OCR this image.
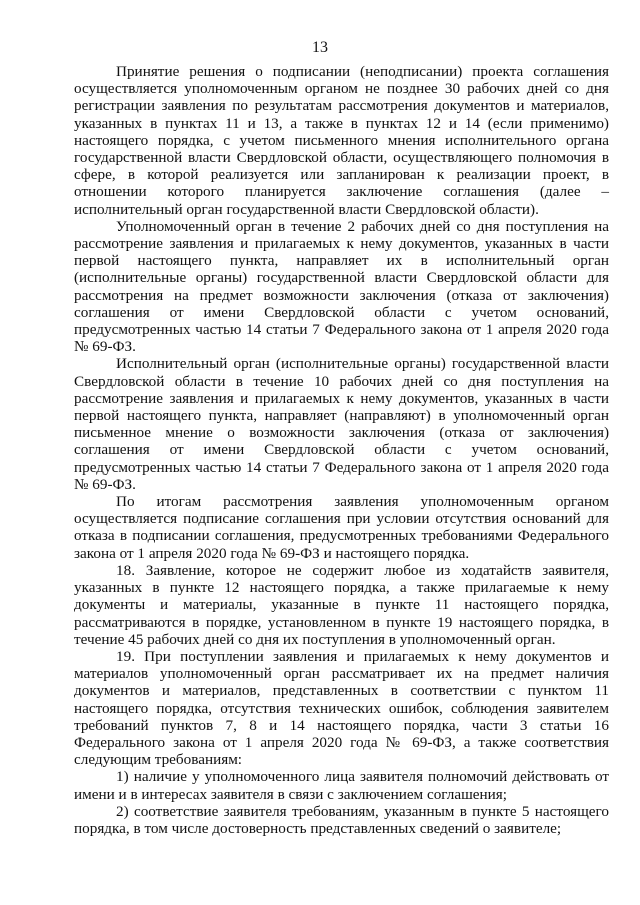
13

Принятие решения о подписании (неподписании) проекта соглашения осуществляется уполномоченным органом не позднее 30 рабочих дней со дня регистрации заявления по результатам рассмотрения документов и материалов, указанных в пунктах 11 и 13, а также в пунктах 12 и 14 (если применимо) настоящего порядка, с учетом письменного мнения исполнительного органа государственной власти Свердловской области, осуществляющего полномочия в сфере, в которой реализуется или запланирован к реализации проект, в отношении которого планируется заключение соглашения (далее – исполнительный орган государственной власти Свердловской области).

Уполномоченный орган в течение 2 рабочих дней со дня поступления на рассмотрение заявления и прилагаемых к нему документов, указанных в части первой настоящего пункта, направляет их в исполнительный орган (исполнительные органы) государственной власти Свердловской области для рассмотрения на предмет возможности заключения (отказа от заключения) соглашения от имени Свердловской области с учетом оснований, предусмотренных частью 14 статьи 7 Федерального закона от 1 апреля 2020 года № 69-ФЗ.

Исполнительный орган (исполнительные органы) государственной власти Свердловской области в течение 10 рабочих дней со дня поступления на рассмотрение заявления и прилагаемых к нему документов, указанных в части первой настоящего пункта, направляет (направляют) в уполномоченный орган письменное мнение о возможности заключения (отказа от заключения) соглашения от имени Свердловской области с учетом оснований, предусмотренных частью 14 статьи 7 Федерального закона от 1 апреля 2020 года № 69-ФЗ.

По итогам рассмотрения заявления уполномоченным органом осуществляется подписание соглашения при условии отсутствия оснований для отказа в подписании соглашения, предусмотренных требованиями Федерального закона от 1 апреля 2020 года № 69-ФЗ и настоящего порядка.

18. Заявление, которое не содержит любое из ходатайств заявителя, указанных в пункте 12 настоящего порядка, а также прилагаемые к нему документы и материалы, указанные в пункте 11 настоящего порядка, рассматриваются в порядке, установленном в пункте 19 настоящего порядка, в течение 45 рабочих дней со дня их поступления в уполномоченный орган.

19. При поступлении заявления и прилагаемых к нему документов и материалов уполномоченный орган рассматривает их на предмет наличия документов и материалов, представленных в соответствии с пунктом 11 настоящего порядка, отсутствия технических ошибок, соблюдения заявителем требований пунктов 7, 8 и 14 настоящего порядка, части 3 статьи 16 Федерального закона от 1 апреля 2020 года № 69-ФЗ, а также соответствия следующим требованиям:

1) наличие у уполномоченного лица заявителя полномочий действовать от имени и в интересах заявителя в связи с заключением соглашения;

2) соответствие заявителя требованиям, указанным в пункте 5 настоящего порядка, в том числе достоверность представленных сведений о заявителе;
